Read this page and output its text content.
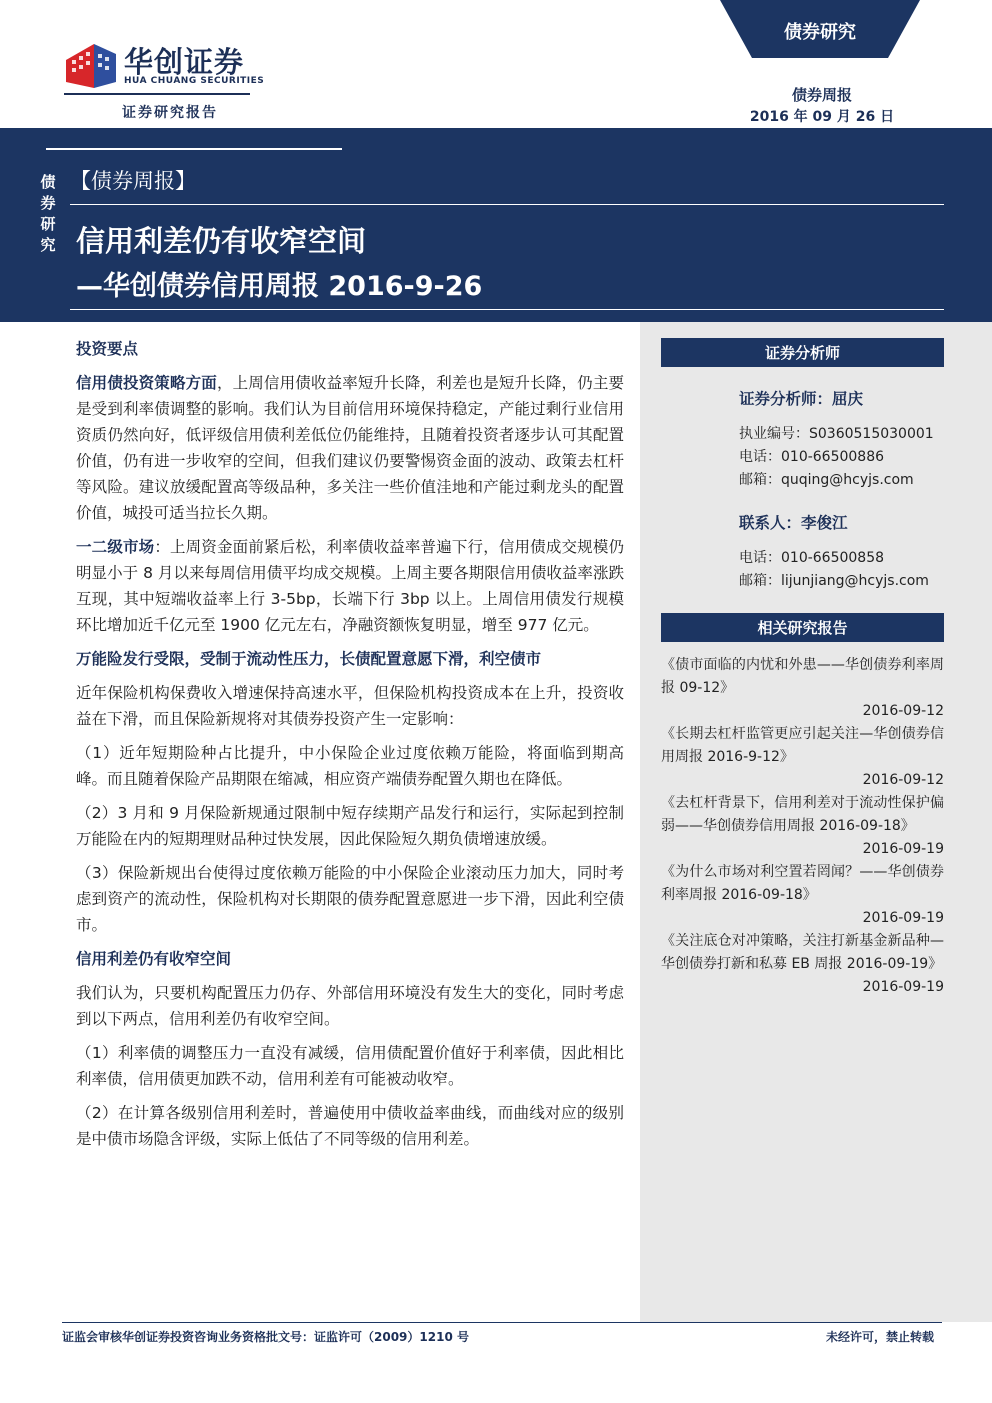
华创证券
HUA CHUANG SECURITIES
证券研究报告
债券研究
债券周报
2016 年 09 月 26 日
债券研究
【债券周报】
信用利差仍有收窄空间
—华创债券信用周报 2016-9-26
证券分析师
证券分析师：屈庆
执业编号：S0360515030001
电话：010-66500886
邮箱：quqing@hcyjs.com
联系人：李俊江
电话：010-66500858
邮箱：lijunjiang@hcyjs.com
相关研究报告
《债市面临的内忧和外患——华创债券利率周报 09-12》
2016-09-12
《长期去杠杆监管更应引起关注—华创债券信用周报 2016-9-12》
2016-09-12
《去杠杆背景下，信用利差对于流动性保护偏弱——华创债券信用周报 2016-09-18》
2016-09-19
《为什么市场对利空置若罔闻？——华创债券利率周报 2016-09-18》
2016-09-19
《关注底仓对冲策略，关注打新基金新品种— 华创债券打新和私募 EB 周报 2016-09-19》
2016-09-19
投资要点

信用债投资策略方面，上周信用债收益率短升长降，利差也是短升长降，仍主要是受到利率债调整的影响。我们认为目前信用环境保持稳定，产能过剩行业信用资质仍然向好，低评级信用债利差低位仍能维持，且随着投资者逐步认可其配置价值，仍有进一步收窄的空间，但我们建议仍要警惕资金面的波动、政策去杠杆等风险。建议放缓配置高等级品种，多关注一些价值洼地和产能过剩龙头的配置价值，城投可适当拉长久期。

一二级市场：上周资金面前紧后松，利率债收益率普遍下行，信用债成交规模仍明显小于 8 月以来每周信用债平均成交规模。上周主要各期限信用债收益率涨跌互现，其中短端收益率上行 3-5bp，长端下行 3bp 以上。上周信用债发行规模环比增加近千亿元至 1900 亿元左右，净融资额恢复明显，增至 977 亿元。

万能险发行受限，受制于流动性压力，长债配置意愿下滑，利空债市

近年保险机构保费收入增速保持高速水平，但保险机构投资成本在上升，投资收益在下滑，而且保险新规将对其债券投资产生一定影响：

（1）近年短期险种占比提升，中小保险企业过度依赖万能险，将面临到期高峰。而且随着保险产品期限在缩减，相应资产端债券配置久期也在降低。

（2）3 月和 9 月保险新规通过限制中短存续期产品发行和运行，实际起到控制万能险在内的短期理财品种过快发展，因此保险短久期负债增速放缓。

（3）保险新规出台使得过度依赖万能险的中小保险企业滚动压力加大，同时考虑到资产的流动性，保险机构对长期限的债券配置意愿进一步下滑，因此利空债市。

信用利差仍有收窄空间

我们认为，只要机构配置压力仍存、外部信用环境没有发生大的变化，同时考虑到以下两点，信用利差仍有收窄空间。

（1）利率债的调整压力一直没有减缓，信用债配置价值好于利率债，因此相比利率债，信用债更加跌不动，信用利差有可能被动收窄。

（2）在计算各级别信用利差时，普遍使用中债收益率曲线，而曲线对应的级别是中债市场隐含评级，实际上低估了不同等级的信用利差。

证监会审核华创证券投资咨询业务资格批文号：证监许可（2009）1210 号	未经许可，禁止转载
